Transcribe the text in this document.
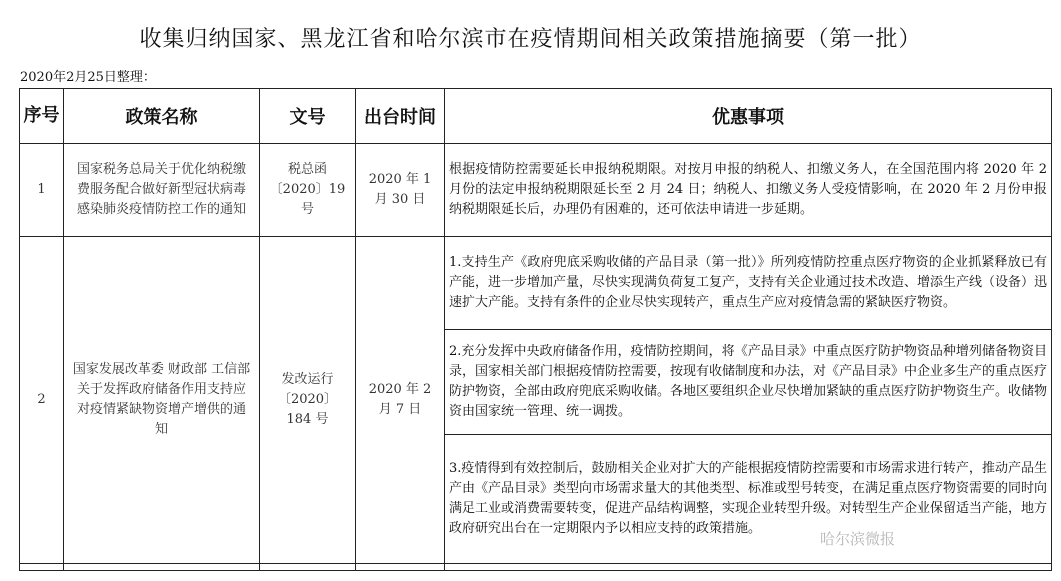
收集归纳国家、黑龙江省和哈尔滨市在疫情期间相关政策措施摘要（第一批）
2020年2月25日整理：
序号	政策名称	文号	出台时间	优惠事项
1	国家税务总局关于优化纳税缴费服务配合做好新型冠状病毒感染肺炎疫情防控工作的通知	税总函〔2020〕19号	2020 年 1 月 30 日	根据疫情防控需要延长申报纳税期限。对按月申报的纳税人、扣缴义务人，在全国范围内将 2020 年 2 月份的法定申报纳税期限延长至 2 月 24 日；纳税人、扣缴义务人受疫情影响，在 2020 年 2 月份申报纳税期限延长后，办理仍有困难的，还可依法申请进一步延期。
2	国家发展改革委 财政部 工信部 关于发挥政府储备作用支持应对疫情紧缺物资增产增供的通知	发改运行〔2020〕184 号	2020 年 2 月 7 日	1.支持生产《政府兜底采购收储的产品目录（第一批）》所列疫情防控重点医疗物资的企业抓紧释放已有产能，进一步增加产量，尽快实现满负荷复工复产，支持有关企业通过技术改造、增添生产线（设备）迅速扩大产能。支持有条件的企业尽快实现转产，重点生产应对疫情急需的紧缺医疗物资。
				2.充分发挥中央政府储备作用，疫情防控期间，将《产品目录》中重点医疗防护物资品种增列储备物资目录，国家相关部门根据疫情防控需要，按现有收储制度和办法，对《产品目录》中企业多生产的重点医疗防护物资，全部由政府兜底采购收储。各地区要组织企业尽快增加紧缺的重点医疗防护物资生产。收储物资由国家统一管理、统一调拨。
				3.疫情得到有效控制后，鼓励相关企业对扩大的产能根据疫情防控需要和市场需求进行转产，推动产品生产由《产品目录》类型向市场需求量大的其他类型、标准或型号转变，在满足重点医疗物资需要的同时向满足工业或消费需要转变，促进产品结构调整，实现企业转型升级。对转型生产企业保留适当产能，地方政府研究出台在一定期限内予以相应支持的政策措施。

哈尔滨微报
